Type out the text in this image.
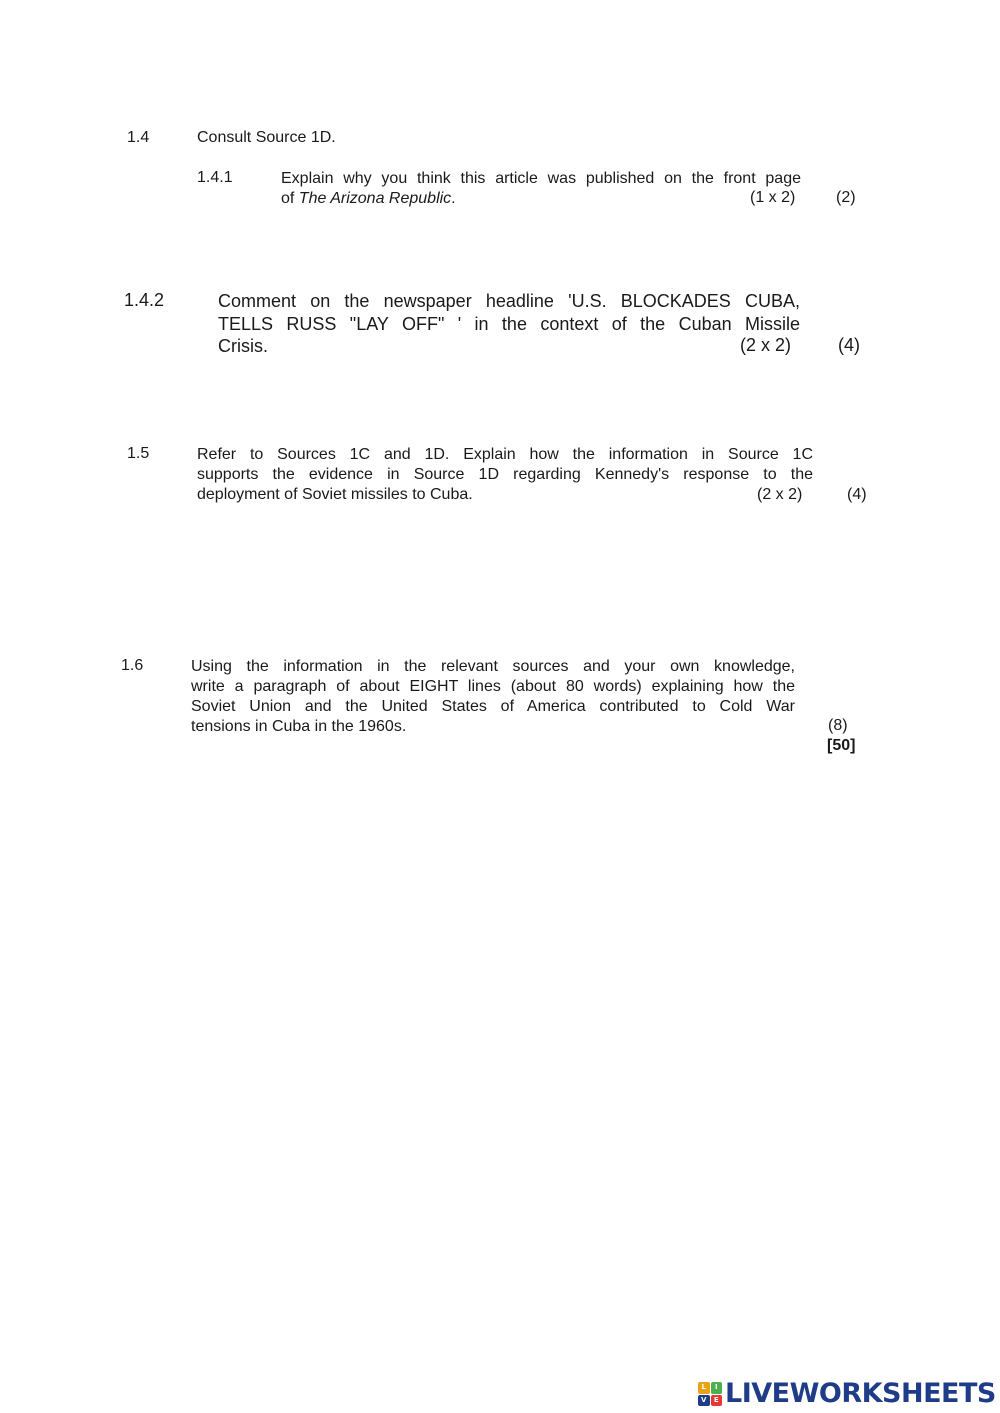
1.4	Consult Source 1D.
1.4.1	Explain why you think this article was published on the front page
of The Arizona Republic.	(1 x 2)	(2)
1.4.2	Comment on the newspaper headline 'U.S. BLOCKADES CUBA,
TELLS RUSS "LAY OFF" ' in the context of the Cuban Missile
Crisis.	(2 x 2)	(4)
1.5	Refer to Sources 1C and 1D. Explain how the information in Source 1C
supports the evidence in Source 1D regarding Kennedy's response to the
deployment of Soviet missiles to Cuba.	(2 x 2)	(4)
1.6	Using the information in the relevant sources and your own knowledge,
write a paragraph of about EIGHT lines (about 80 words) explaining how the
Soviet Union and the United States of America contributed to Cold War
tensions in Cuba in the 1960s.	(8)
[50]
L	I
V	E LIVEWORKSHEETS
